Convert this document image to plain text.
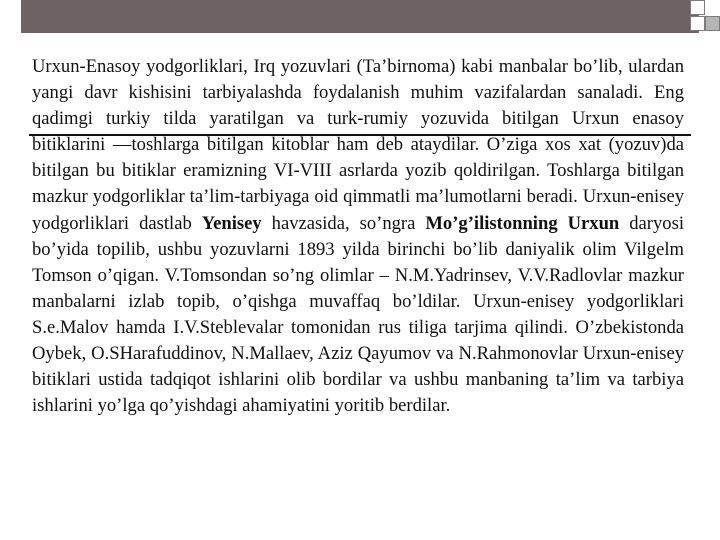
Urxun-Enasoy yodgorliklari, Irq yozuvlari (Ta’birnoma) kabi manbalar bo’lib, ulardan yangi davr kishisini tarbiyalashda foydalanish muhim vazifalardan sanaladi. Eng qadimgi turkiy tilda yaratilgan va turk-rumiy yozuvida bitilgan Urxun enasoy bitiklarini —toshlarga bitilgan kitoblar ham deb ataydilar. O’ziga xos xat (yozuv)da bitilgan bu bitiklar eramizning VI-VIII asrlarda yozib qoldirilgan. Toshlarga bitilgan mazkur yodgorliklar ta’lim-tarbiyaga oid qimmatli ma’lumotlarni beradi. Urxun-enisey yodgorliklari dastlab Yenisey havzasida, so’ngra Mo’g’ilistonning Urxun daryosi bo’yida topilib, ushbu yozuvlarni 1893 yilda birinchi bo’lib daniyalik olim Vilgelm Tomson o’qigan. V.Tomsondan so’ng olimlar – N.M.Yadrinsev, V.V.Radlovlar mazkur manbalarni izlab topib, o’qishga muvaffaq bo’ldilar. Urxun-enisey yodgorliklari S.e.Malov hamda I.V.Steblevalar tomonidan rus tiliga tarjima qilindi. O’zbekistonda Oybek, O.SHarafuddinov, N.Mallaev, Aziz Qayumov va N.Rahmonovlar Urxun-enisey bitiklari ustida tadqiqot ishlarini olib bordilar va ushbu manbaning ta’lim va tarbiya ishlarini yo’lga qo’yishdagi ahamiyatini yoritib berdilar.
